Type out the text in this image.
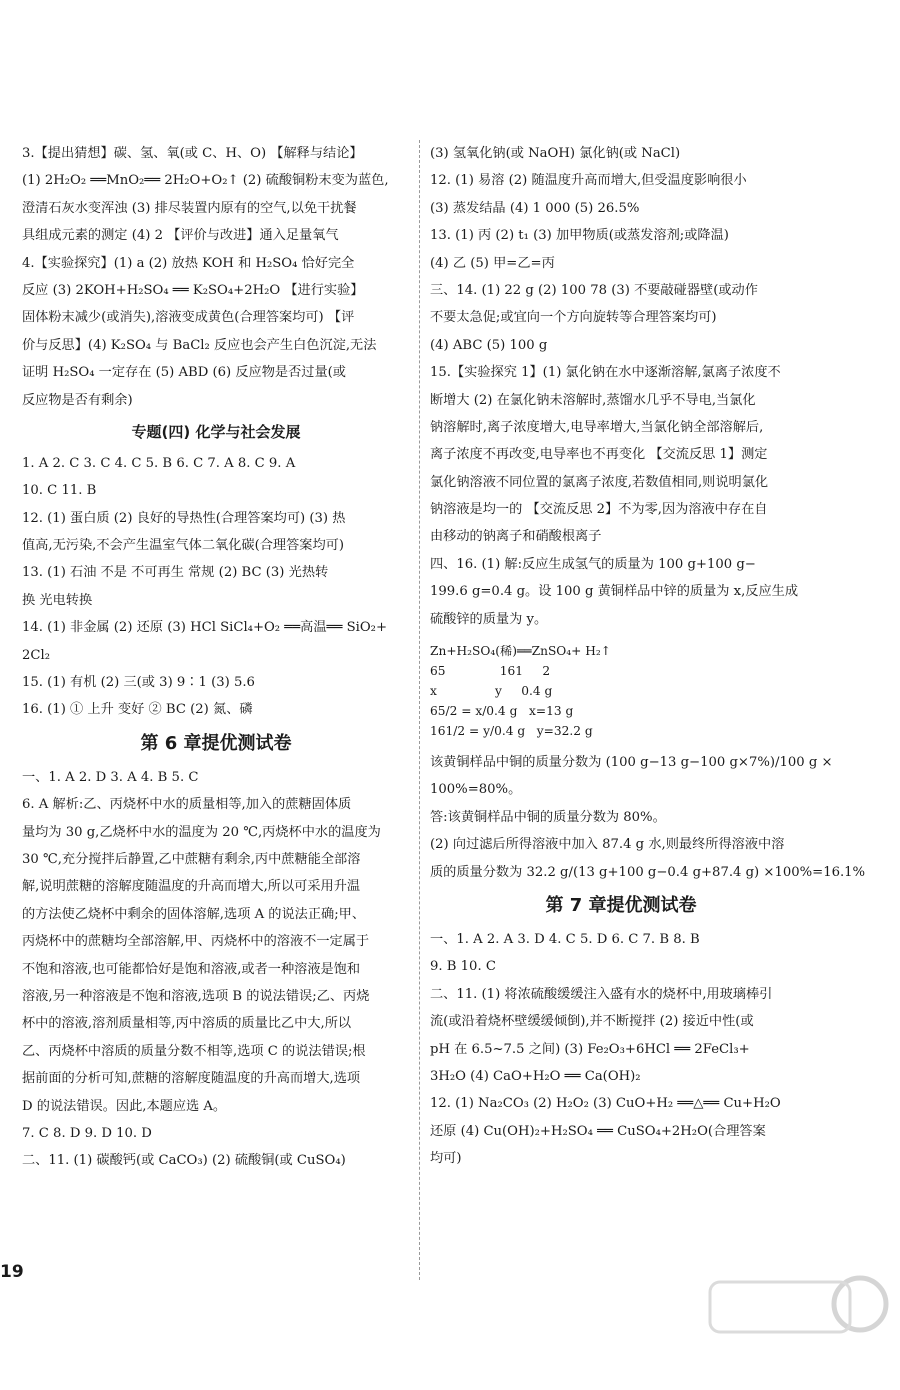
3.【提出猜想】碳、氢、氧(或 C、H、O) 【解释与结论】
(1) 2H₂O₂ ══MnO₂══ 2H₂O+O₂↑ (2) 硫酸铜粉末变为蓝色,
澄清石灰水变浑浊 (3) 排尽装置内原有的空气,以免干扰餐
具组成元素的测定 (4) 2 【评价与改进】通入足量氧气
4.【实验探究】(1) a (2) 放热 KOH 和 H₂SO₄ 恰好完全
反应 (3) 2KOH+H₂SO₄ ══ K₂SO₄+2H₂O 【进行实验】
固体粉末减少(或消失),溶液变成黄色(合理答案均可) 【评
价与反思】(4) K₂SO₄ 与 BaCl₂ 反应也会产生白色沉淀,无法
证明 H₂SO₄ 一定存在 (5) ABD (6) 反应物是否过量(或
反应物是否有剩余)
专题(四) 化学与社会发展
1. A 2. C 3. C 4. C 5. B 6. C 7. A 8. C 9. A
10. C 11. B
12. (1) 蛋白质 (2) 良好的导热性(合理答案均可) (3) 热
值高,无污染,不会产生温室气体二氧化碳(合理答案均可)
13. (1) 石油 不是 不可再生 常规 (2) BC (3) 光热转
换 光电转换
14. (1) 非金属 (2) 还原 (3) HCl SiCl₄+O₂ ══高温══ SiO₂+
2Cl₂
15. (1) 有机 (2) 三(或 3) 9∶1 (3) 5.6
16. (1) ① 上升 变好 ② BC (2) 氮、磷
第 6 章提优测试卷
一、1. A 2. D 3. A 4. B 5. C
6. A 解析:乙、丙烧杯中水的质量相等,加入的蔗糖固体质
量均为 30 g,乙烧杯中水的温度为 20 ℃,丙烧杯中水的温度为
30 ℃,充分搅拌后静置,乙中蔗糖有剩余,丙中蔗糖能全部溶
解,说明蔗糖的溶解度随温度的升高而增大,所以可采用升温
的方法使乙烧杯中剩余的固体溶解,选项 A 的说法正确;甲、
丙烧杯中的蔗糖均全部溶解,甲、丙烧杯中的溶液不一定属于
不饱和溶液,也可能都恰好是饱和溶液,或者一种溶液是饱和
溶液,另一种溶液是不饱和溶液,选项 B 的说法错误;乙、丙烧
杯中的溶液,溶剂质量相等,丙中溶质的质量比乙中大,所以
乙、丙烧杯中溶质的质量分数不相等,选项 C 的说法错误;根
据前面的分析可知,蔗糖的溶解度随温度的升高而增大,选项
D 的说法错误。因此,本题应选 A。
7. C 8. D 9. D 10. D
二、11. (1) 碳酸钙(或 CaCO₃) (2) 硫酸铜(或 CuSO₄)
(3) 氢氧化钠(或 NaOH) 氯化钠(或 NaCl)
12. (1) 易溶 (2) 随温度升高而增大,但受温度影响很小
(3) 蒸发结晶 (4) 1 000 (5) 26.5%
13. (1) 丙 (2) t₁ (3) 加甲物质(或蒸发溶剂;或降温)
(4) 乙 (5) 甲=乙=丙
三、14. (1) 22 g (2) 100 78 (3) 不要敲碰器壁(或动作
不要太急促;或宜向一个方向旋转等合理答案均可)
(4) ABC (5) 100 g
15.【实验探究 1】(1) 氯化钠在水中逐渐溶解,氯离子浓度不
断增大 (2) 在氯化钠未溶解时,蒸馏水几乎不导电,当氯化
钠溶解时,离子浓度增大,电导率增大,当氯化钠全部溶解后,
离子浓度不再改变,电导率也不再变化 【交流反思 1】测定
氯化钠溶液不同位置的氯离子浓度,若数值相同,则说明氯化
钠溶液是均一的 【交流反思 2】不为零,因为溶液中存在自
由移动的钠离子和硝酸根离子
四、16. (1) 解:反应生成氢气的质量为 100 g+100 g−
199.6 g=0.4 g。设 100 g 黄铜样品中锌的质量为 x,反应生成
硫酸锌的质量为 y。
Zn+H₂SO₄(稀)══ZnSO₄+ H₂↑
65              161     2
x               y     0.4 g
65/2 = x/0.4 g   x=13 g
161/2 = y/0.4 g   y=32.2 g
该黄铜样品中铜的质量分数为 (100 g−13 g−100 g×7%)/100 g ×
100%=80%。
答:该黄铜样品中铜的质量分数为 80%。
(2) 向过滤后所得溶液中加入 87.4 g 水,则最终所得溶液中溶
质的质量分数为 32.2 g/(13 g+100 g−0.4 g+87.4 g) ×100%=16.1%
第 7 章提优测试卷
一、1. A 2. A 3. D 4. C 5. D 6. C 7. B 8. B
9. B 10. C
二、11. (1) 将浓硫酸缓缓注入盛有水的烧杯中,用玻璃棒引
流(或沿着烧杯壁缓缓倾倒),并不断搅拌 (2) 接近中性(或
pH 在 6.5~7.5 之间) (3) Fe₂O₃+6HCl ══ 2FeCl₃+
3H₂O (4) CaO+H₂O ══ Ca(OH)₂
12. (1) Na₂CO₃ (2) H₂O₂ (3) CuO+H₂ ══△══ Cu+H₂O
还原 (4) Cu(OH)₂+H₂SO₄ ══ CuSO₄+2H₂O(合理答案
均可)
19
